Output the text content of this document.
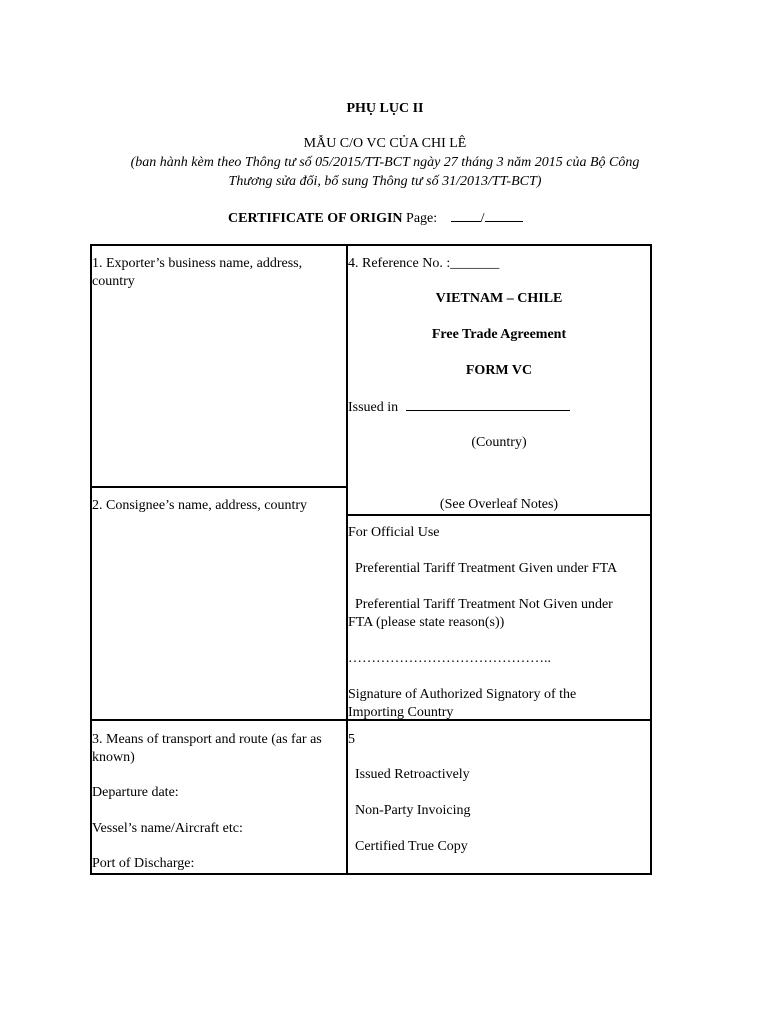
PHỤ LỤC II
MẪU C/O VC CỦA CHI LÊ
(ban hành kèm theo Thông tư số 05/2015/TT-BCT ngày 27 tháng 3 năm 2015 của Bộ Công
Thương sửa đổi, bổ sung Thông tư số 31/2013/TT-BCT)
CERTIFICATE OF ORIGIN Page:	/
1. Exporter’s business name, address,
country
4. Reference No. :_______
VIETNAM – CHILE
Free Trade Agreement
FORM VC
Issued in
(Country)
(See Overleaf Notes)
2. Consignee’s name, address, country
For Official Use
Preferential Tariff Treatment Given under FTA
Preferential Tariff Treatment Not Given under
FTA (please state reason(s))
……………………………………..
Signature of Authorized Signatory of the
Importing Country
3. Means of transport and route (as far as
known)
Departure date:
Vessel’s name/Aircraft etc:
Port of Discharge:
5
Issued Retroactively
Non-Party Invoicing
Certified True Copy
